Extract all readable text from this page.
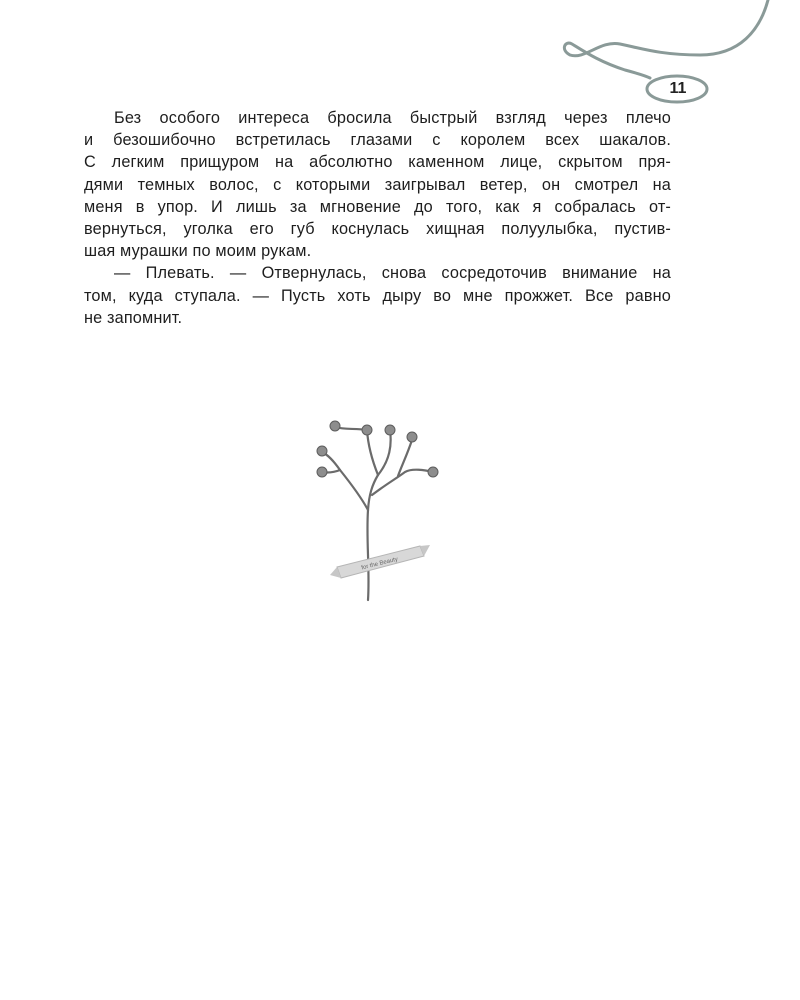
11
Без особого интереса бросила быстрый взгляд через плечо
и безошибочно встретилась глазами с королем всех шакалов.
С легким прищуром на абсолютно каменном лице, скрытом пря-
дями темных волос, с которыми заигрывал ветер, он смотрел на
меня в упор. И лишь за мгновение до того, как я собралась от-
вернуться, уголка его губ коснулась хищная полуулыбка, пустив-
шая мурашки по моим рукам.
— Плевать. — Отвернулась, снова сосредоточив внимание на
том, куда ступала. — Пусть хоть дыру во мне прожжет. Все равно
не запомнит.
for the Beauty
